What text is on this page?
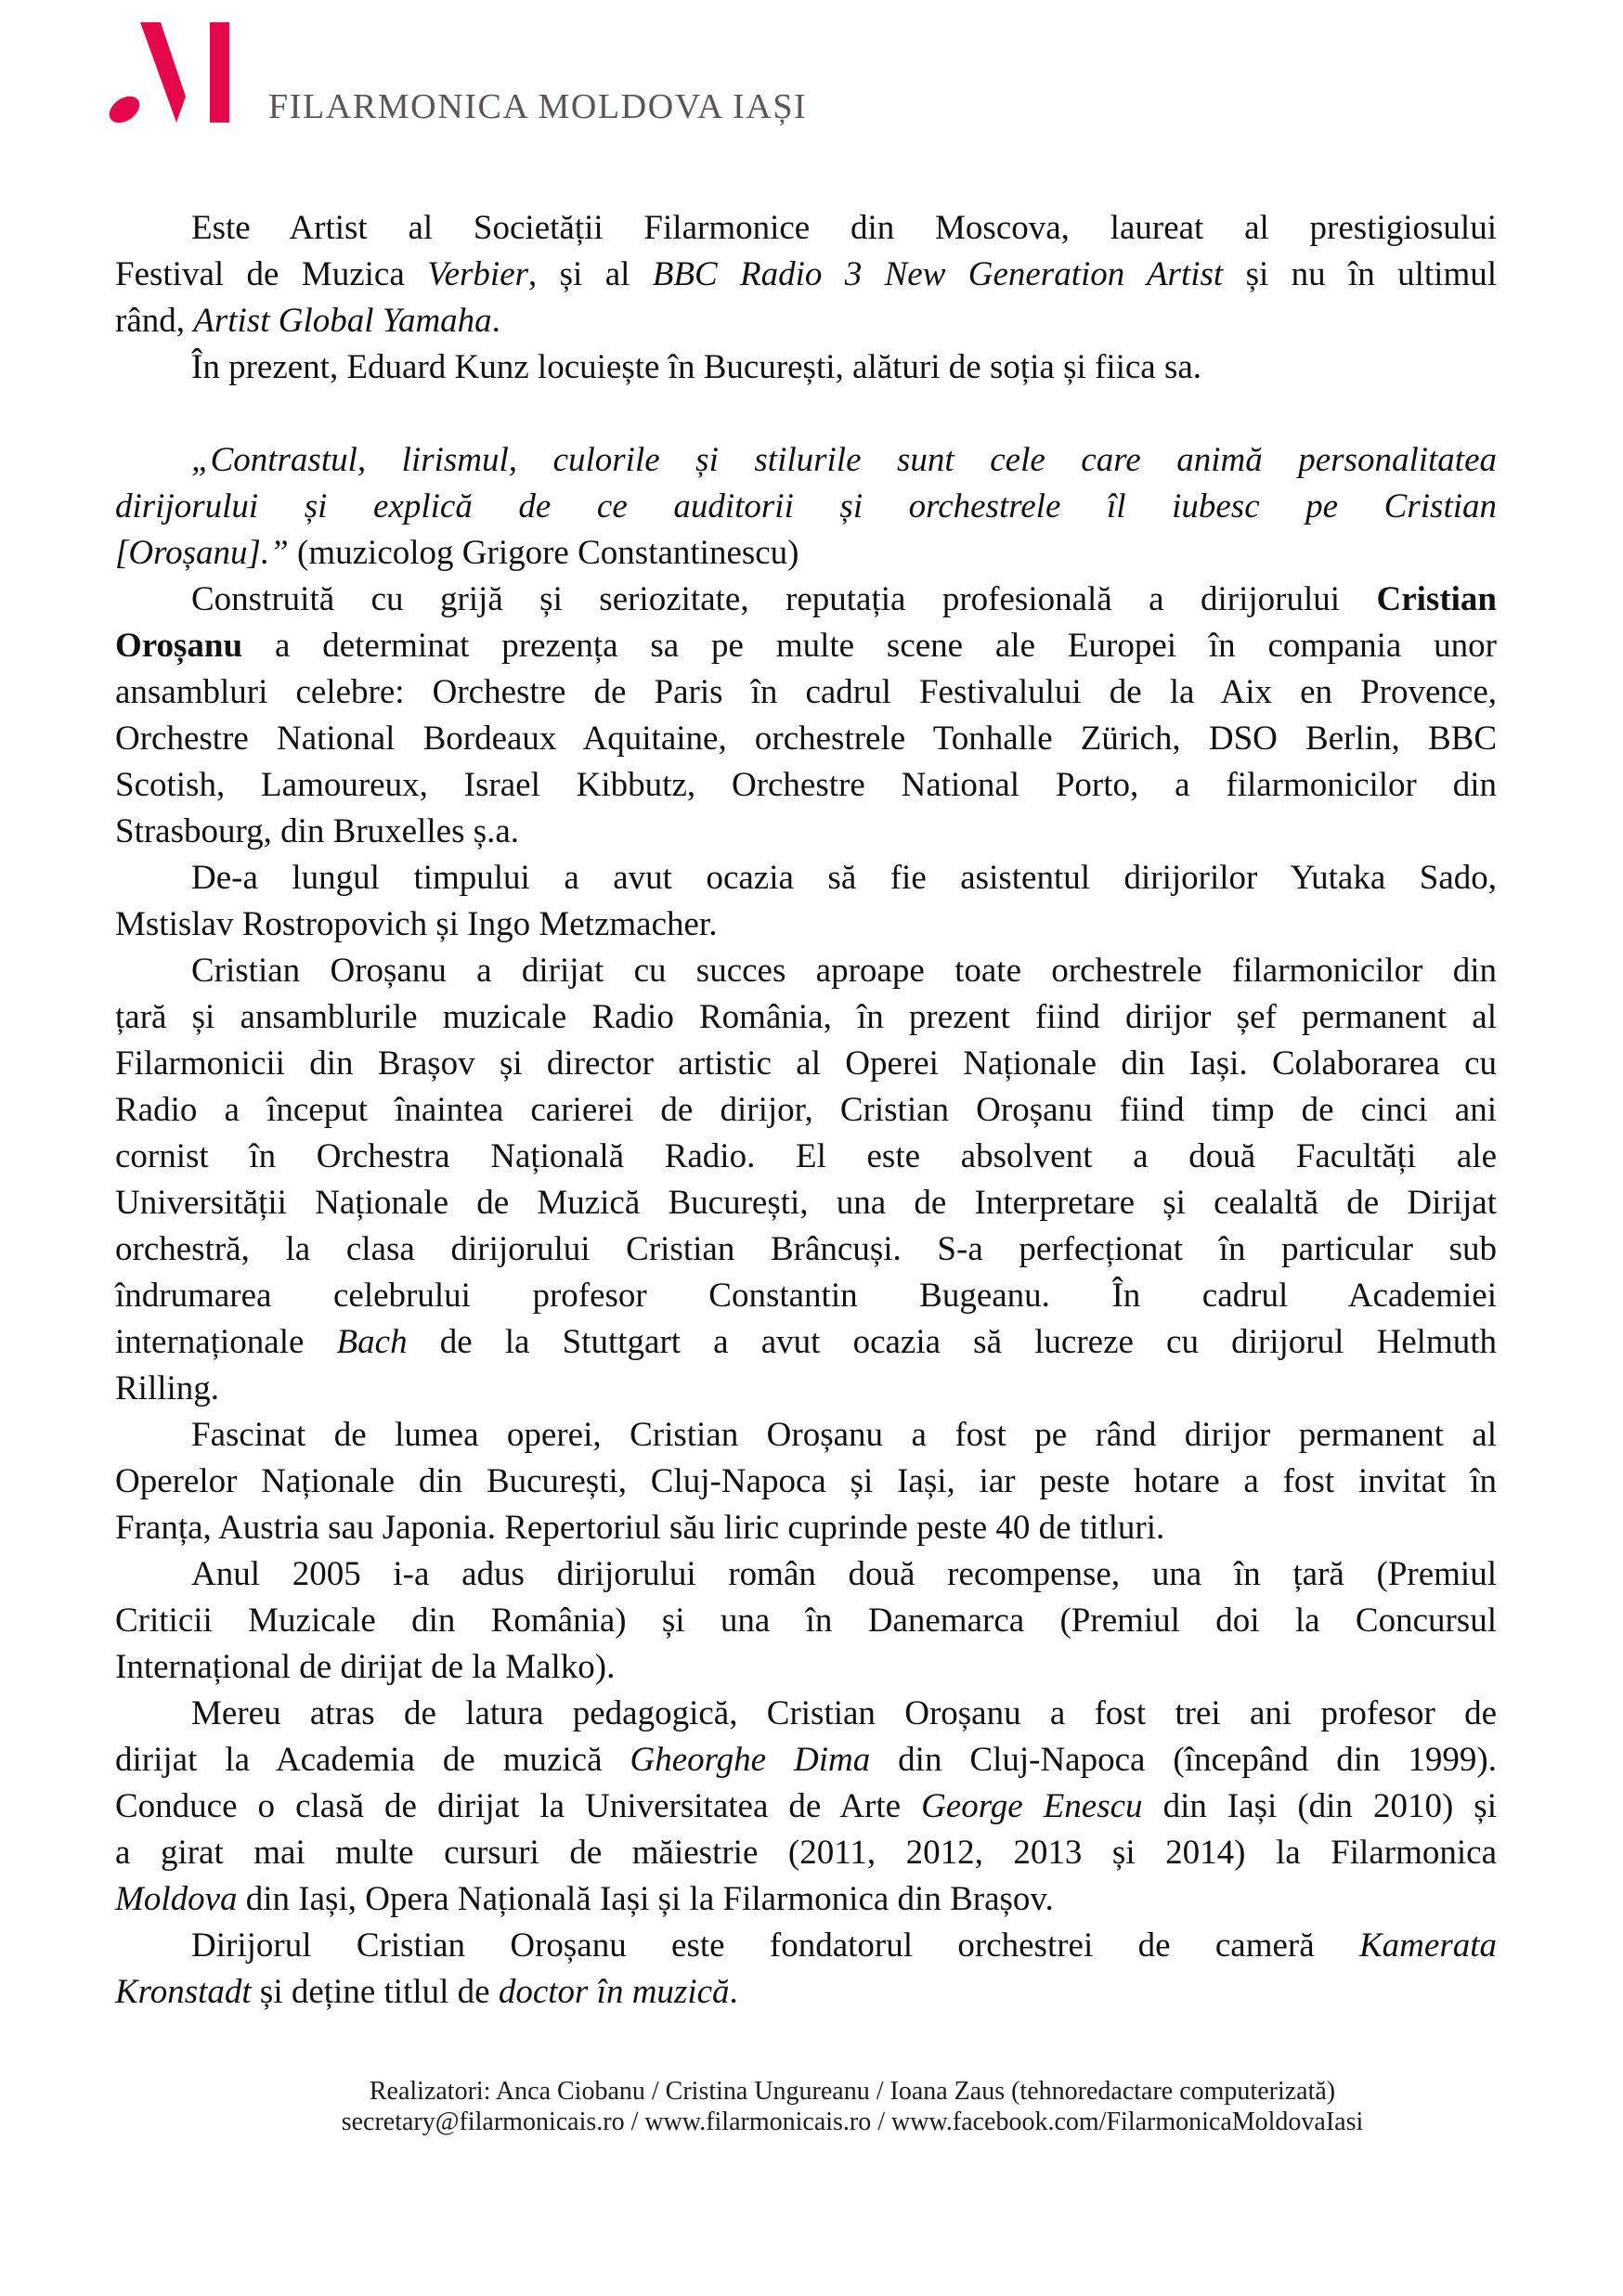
FILARMONICA MOLDOVA IAȘI
Este Artist al Societății Filarmonice din Moscova, laureat al prestigiosului
Festival de Muzica Verbier, și al BBC Radio 3 New Generation Artist și nu în ultimul
rând, Artist Global Yamaha.
În prezent, Eduard Kunz locuiește în București, alături de soția și fiica sa.
„Contrastul, lirismul, culorile și stilurile sunt cele care animă personalitatea
dirijorului și explică de ce auditorii și orchestrele îl iubesc pe Cristian
[Oroșanu].” (muzicolog Grigore Constantinescu)
Construită cu grijă și seriozitate, reputația profesională a dirijorului Cristian
Oroșanu a determinat prezența sa pe multe scene ale Europei în compania unor
ansambluri celebre: Orchestre de Paris în cadrul Festivalului de la Aix en Provence,
Orchestre National Bordeaux Aquitaine, orchestrele Tonhalle Zürich, DSO Berlin, BBC
Scotish, Lamoureux, Israel Kibbutz, Orchestre National Porto, a filarmonicilor din
Strasbourg, din Bruxelles ș.a.
De-a lungul timpului a avut ocazia să fie asistentul dirijorilor Yutaka Sado,
Mstislav Rostropovich și Ingo Metzmacher.
Cristian Oroșanu a dirijat cu succes aproape toate orchestrele filarmonicilor din
țară și ansamblurile muzicale Radio România, în prezent fiind dirijor șef permanent al
Filarmonicii din Brașov și director artistic al Operei Naționale din Iași. Colaborarea cu
Radio a început înaintea carierei de dirijor, Cristian Oroșanu fiind timp de cinci ani
cornist în Orchestra Națională Radio. El este absolvent a două Facultăți ale
Universității Naționale de Muzică București, una de Interpretare și cealaltă de Dirijat
orchestră, la clasa dirijorului Cristian Brâncuși. S-a perfecționat în particular sub
îndrumarea celebrului profesor Constantin Bugeanu. În cadrul Academiei
internaționale Bach de la Stuttgart a avut ocazia să lucreze cu dirijorul Helmuth
Rilling.
Fascinat de lumea operei, Cristian Oroșanu a fost pe rând dirijor permanent al
Operelor Naționale din București, Cluj-Napoca și Iași, iar peste hotare a fost invitat în
Franța, Austria sau Japonia. Repertoriul său liric cuprinde peste 40 de titluri.
Anul 2005 i-a adus dirijorului român două recompense, una în țară (Premiul
Criticii Muzicale din România) și una în Danemarca (Premiul doi la Concursul
Internațional de dirijat de la Malko).
Mereu atras de latura pedagogică, Cristian Oroșanu a fost trei ani profesor de
dirijat la Academia de muzică Gheorghe Dima din Cluj-Napoca (începând din 1999).
Conduce o clasă de dirijat la Universitatea de Arte George Enescu din Iași (din 2010) și
a girat mai multe cursuri de măiestrie (2011, 2012, 2013 și 2014) la Filarmonica
Moldova din Iași, Opera Națională Iași și la Filarmonica din Brașov.
Dirijorul Cristian Oroșanu este fondatorul orchestrei de cameră Kamerata
Kronstadt și deține titlul de doctor în muzică.
Realizatori: Anca Ciobanu / Cristina Ungureanu / Ioana Zaus (tehnoredactare computerizată)
secretary@filarmonicais.ro / www.filarmonicais.ro / www.facebook.com/FilarmonicaMoldovaIasi
